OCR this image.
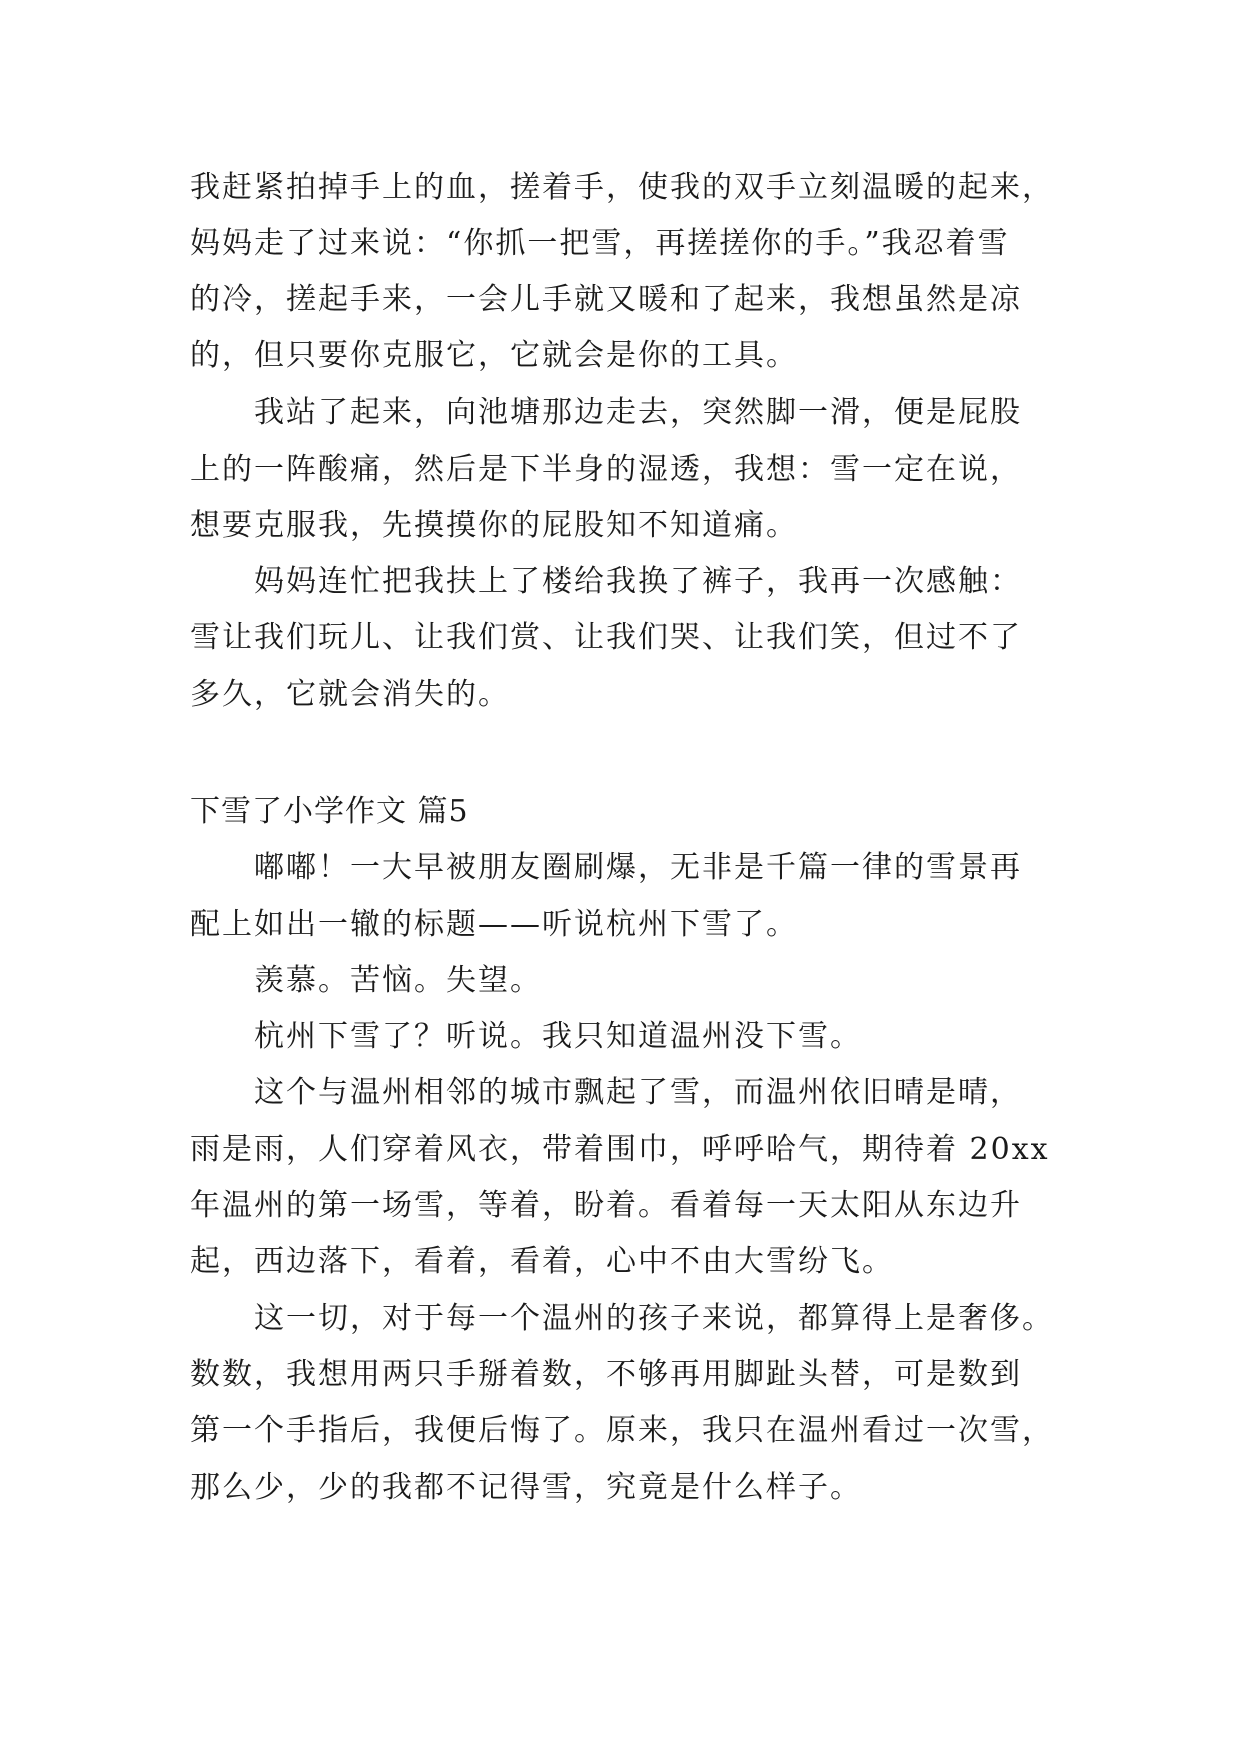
我赶紧拍掉手上的血，搓着手，使我的双手立刻温暖的起来，
妈妈走了过来说：“你抓一把雪，再搓搓你的手。”我忍着雪
的冷，搓起手来，一会儿手就又暖和了起来，我想虽然是凉
的，但只要你克服它，它就会是你的工具。
我站了起来，向池塘那边走去，突然脚一滑，便是屁股
上的一阵酸痛，然后是下半身的湿透，我想：雪一定在说，
想要克服我，先摸摸你的屁股知不知道痛。
妈妈连忙把我扶上了楼给我换了裤子，我再一次感触：
雪让我们玩儿、让我们赏、让我们哭、让我们笑，但过不了
多久，它就会消失的。
下雪了小学作文 篇5
嘟嘟！一大早被朋友圈刷爆，无非是千篇一律的雪景再
配上如出一辙的标题——听说杭州下雪了。
羡慕。苦恼。失望。
杭州下雪了？听说。我只知道温州没下雪。
这个与温州相邻的城市飘起了雪，而温州依旧晴是晴，
雨是雨，人们穿着风衣，带着围巾，呼呼哈气，期待着 20xx
年温州的第一场雪，等着，盼着。看着每一天太阳从东边升
起，西边落下，看着，看着，心中不由大雪纷飞。
这一切，对于每一个温州的孩子来说，都算得上是奢侈。
数数，我想用两只手掰着数，不够再用脚趾头替，可是数到
第一个手指后，我便后悔了。原来，我只在温州看过一次雪，
那么少，少的我都不记得雪，究竟是什么样子。
